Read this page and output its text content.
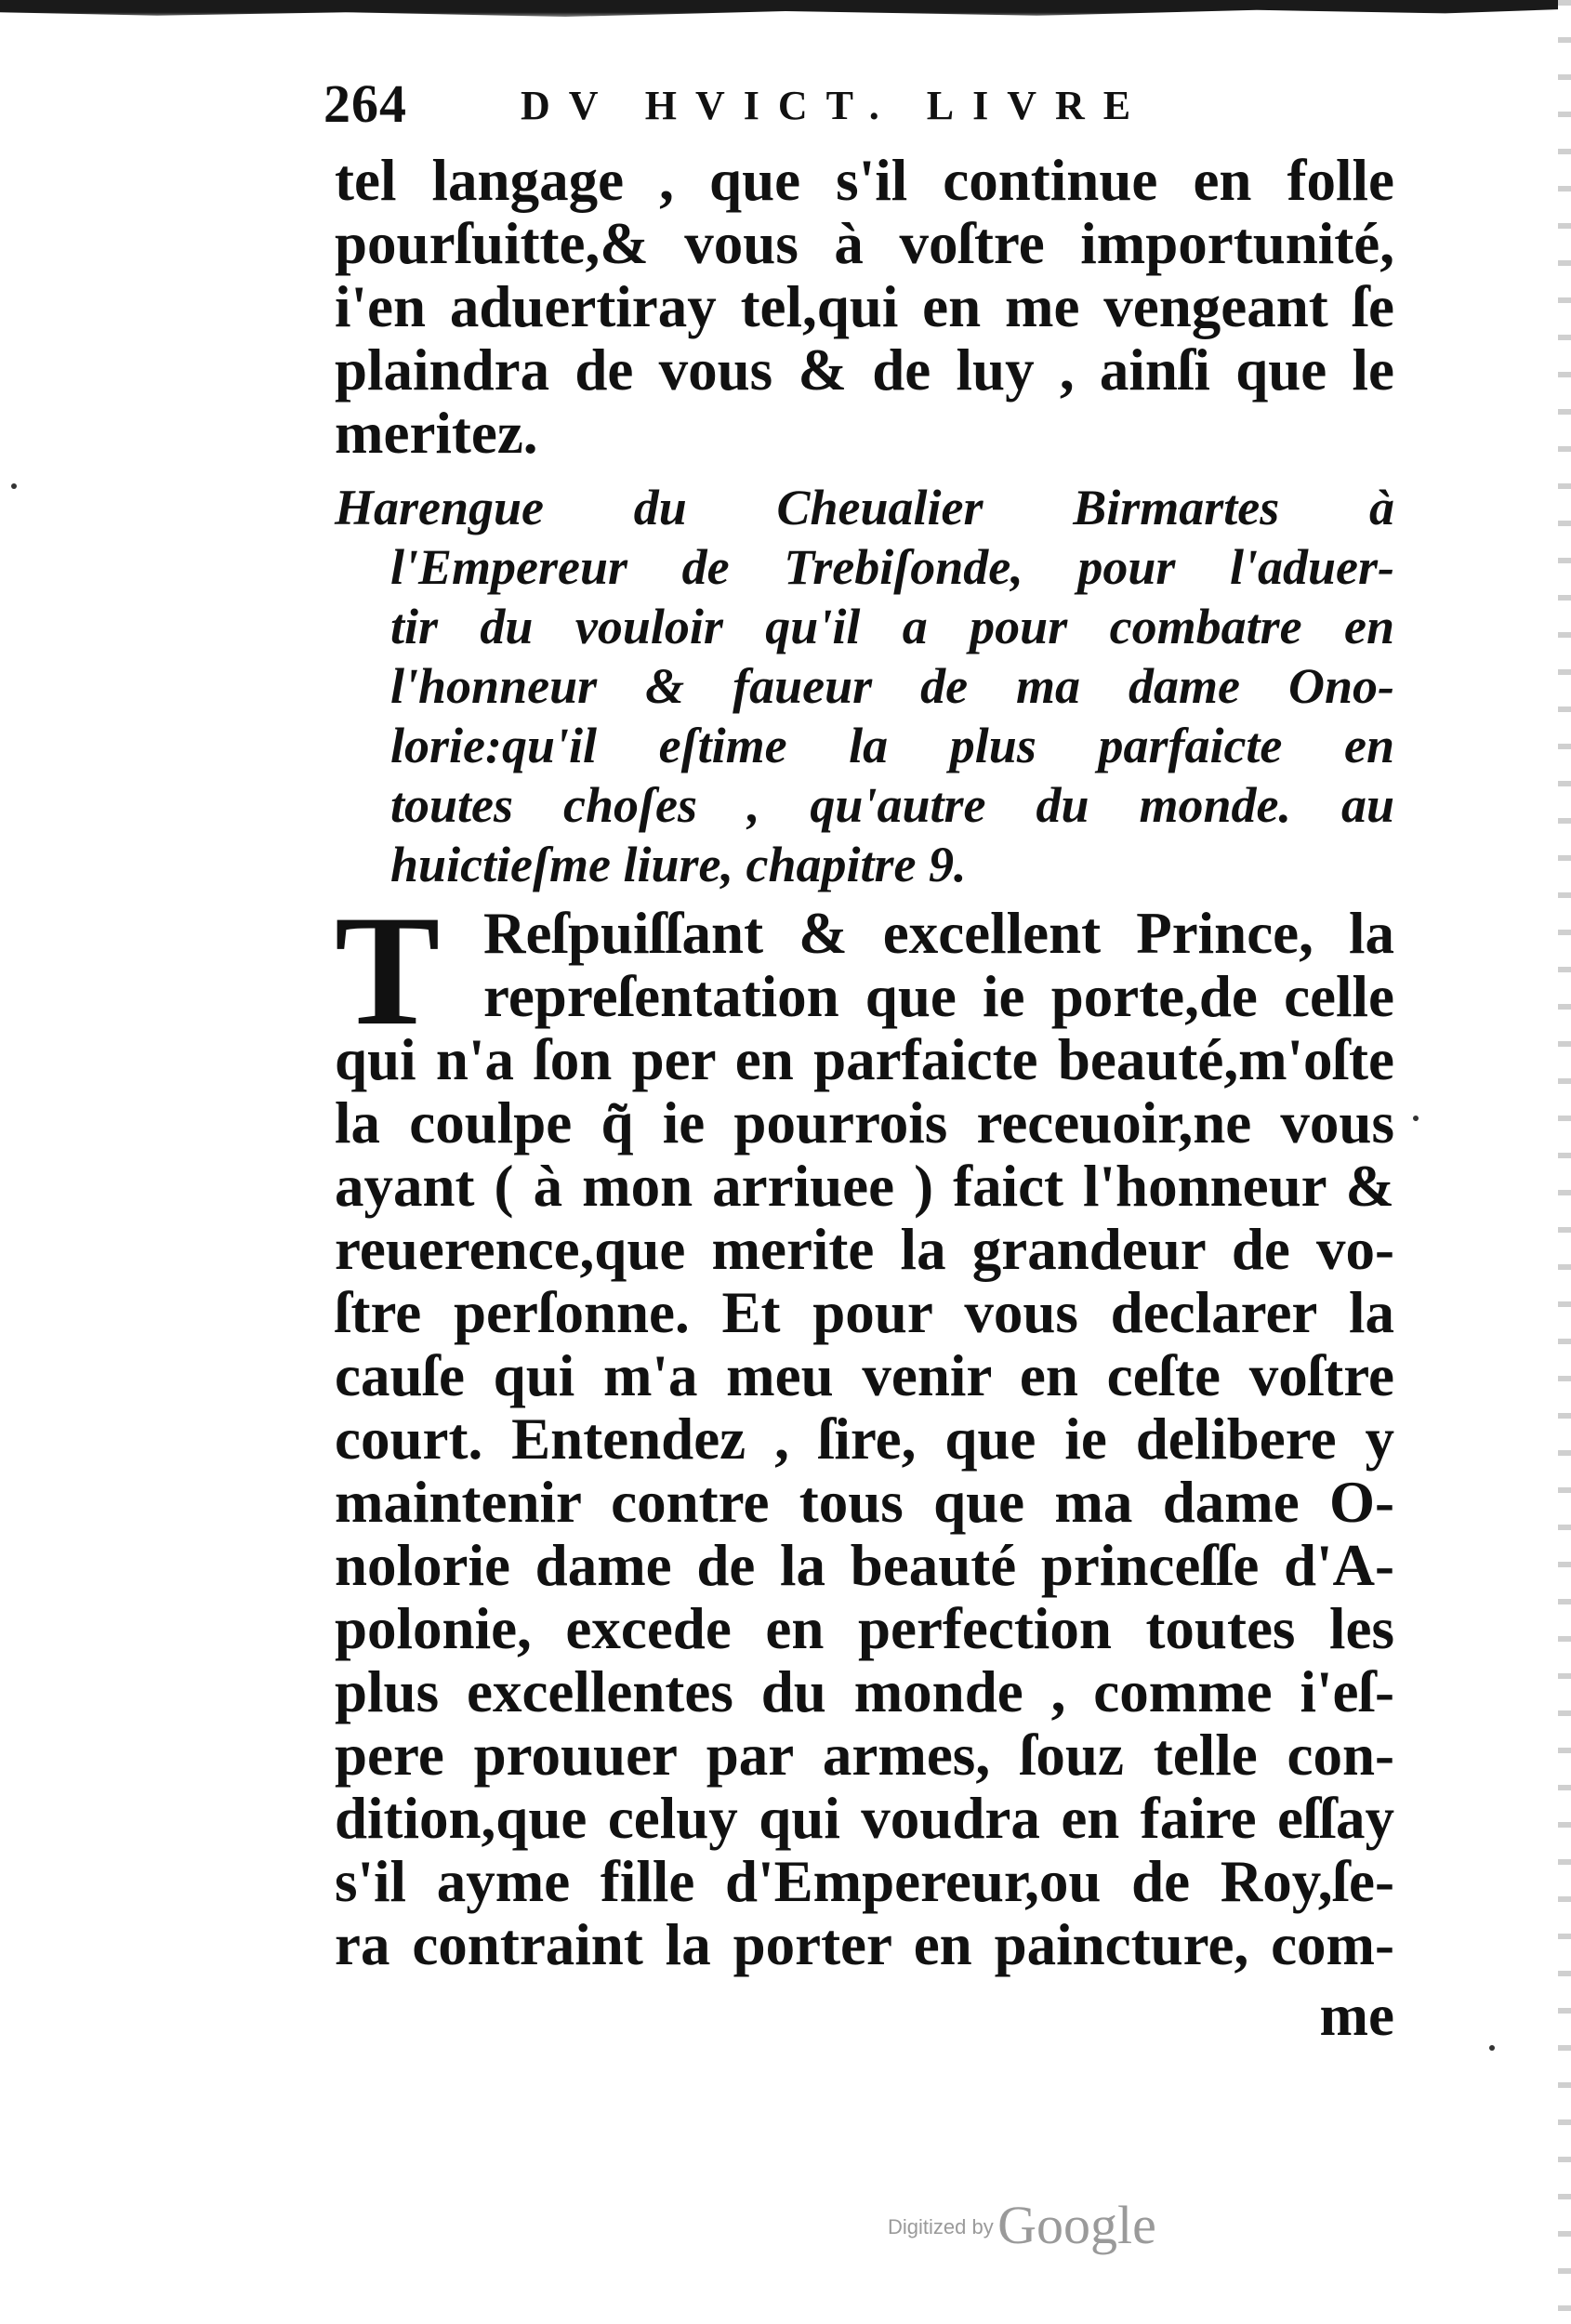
264	DV HVICT. LIVRE
tel langage , que s'il continue en folle
pourſuitte,& vous à voſtre importunité,
i'en aduertiray tel,qui en me vengeant ſe
plaindra de vous & de luy , ainſi que le
meritez.
Harengue du Cheualier Birmartes à
l'Empereur de Trebiſonde, pour l'aduer-
tir du vouloir qu'il a pour combatre en
l'honneur & faueur de ma dame Ono-
lorie:qu'il eſtime la plus parfaicte en
toutes choſes , qu'autre du monde. au
huictieſme liure, chapitre 9.
T Reſpuiſſant & excellent Prince, la
repreſentation que ie porte,de celle
qui n'a ſon per en parfaicte beauté,m'oſte
la coulpe q̃ ie pourrois receuoir,ne vous
ayant ( à mon arriuee ) faict l'honneur &
reuerence,que merite la grandeur de vo-
ſtre perſonne. Et pour vous declarer la
cauſe qui m'a meu venir en ceſte voſtre
court. Entendez , ſire, que ie delibere y
maintenir contre tous que ma dame O-
nolorie dame de la beauté princeſſe d'A-
polonie, excede en perfection toutes les
plus excellentes du monde , comme i'eſ-
pere prouuer par armes, ſouz telle con-
dition,que celuy qui voudra en faire eſſay
s'il ayme fille d'Empereur,ou de Roy,ſe-
ra contraint la porter en paincture, com-
me
Digitized by Google
